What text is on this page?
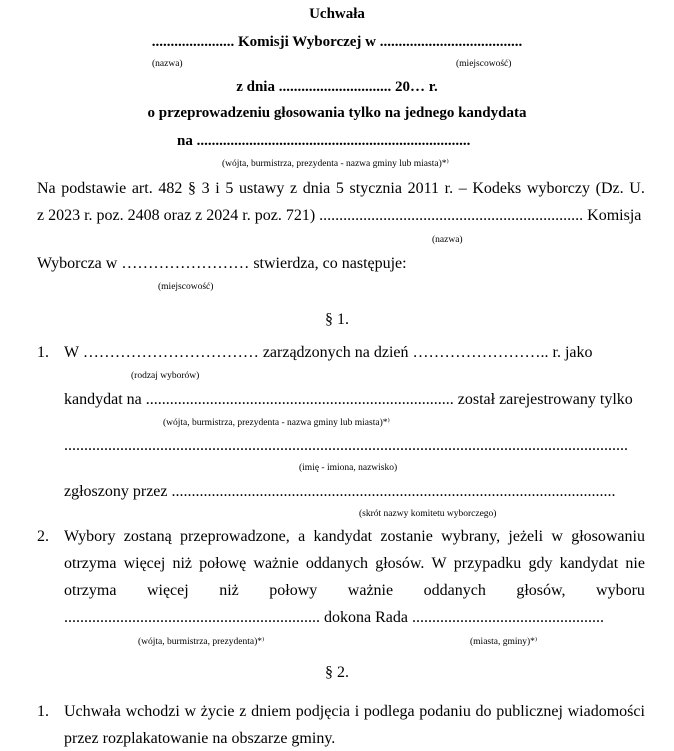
Uchwała
...................... Komisji Wyborczej w ......................................
(nazwa)	(miejscowość)
z dnia .............................. 20… r.
o przeprowadzeniu głosowania tylko na jednego kandydata
na .........................................................................
(wójta, burmistrza, prezydenta - nazwa gminy lub miasta)*⁾
Na podstawie art. 482 § 3 i 5 ustawy z dnia 5 stycznia 2011 r. – Kodeks wyborczy (Dz. U.
z 2023 r. poz. 2408 oraz z 2024 r. poz. 721) .................................................................. Komisja
(nazwa)
Wyborcza w …………………… stwierdza, co następuje:
(miejscowość)
§ 1.
1. W …………………………… zarządzonych na dzień …………………….. r. jako
(rodzaj wyborów)
kandydat na ............................................................................. został zarejestrowany tylko
(wójta, burmistrza, prezydenta - nazwa gminy lub miasta)*⁾
.............................................................................................................................................
(imię - imiona, nazwisko)
zgłoszony przez ...............................................................................................................
(skrót nazwy komitetu wyborczego)
2. Wybory zostaną przeprowadzone, a kandydat zostanie wybrany, jeżeli w głosowaniu
otrzyma więcej niż połowę ważnie oddanych głosów. W przypadku gdy kandydat nie
otrzyma więcej niż połowy ważnie oddanych głosów, wyboru
................................................................ dokona Rada ................................................
(wójta, burmistrza, prezydenta)*⁾	(miasta, gminy)*⁾
§ 2.
1. Uchwała wchodzi w życie z dniem podjęcia i podlega podaniu do publicznej wiadomości
przez rozplakatowanie na obszarze gminy.
